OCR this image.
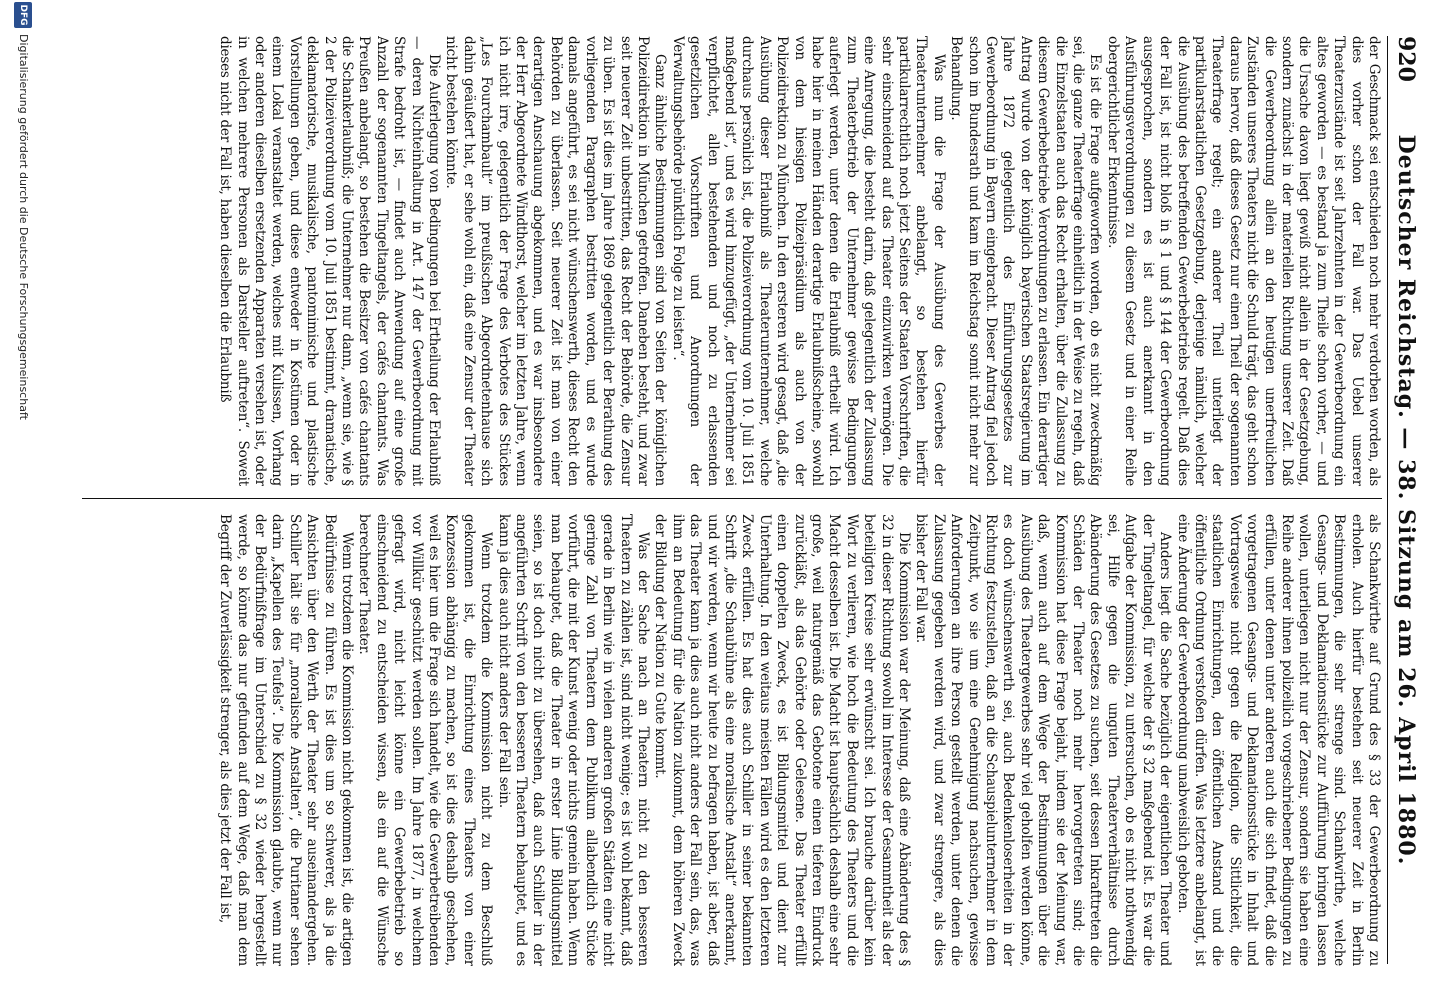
920
Deutscher Reichstag. — 38. Sitzung am 26. April 1880.

der Geschmack sei entschieden noch mehr verdorben worden, als dies vorher schon der Fall war. Das Uebel unserer Theaterzustände ist seit Jahrzehnten in der Gewerbeordnung ein altes geworden — es bestand ja zum Theile schon vorher, — und die Ursache davon liegt gewiß nicht allein in der Gesetzgebung, sondern zunächst in der materiellen Richtung unserer Zeit. Daß die Gewerbeordnung allein an den heutigen unerfreulichen Zuständen unseres Theaters nicht die Schuld trägt, das geht schon daraus hervor, daß dieses Gesetz nur einen Theil der sogenannten Theaterfrage regelt; ein anderer Theil unterliegt der partikularstaatlichen Gesetzgebung, derjenige nämlich, welcher die Ausübung des betreffenden Gewerbebetriebs regelt. Daß dies der Fall ist, ist nicht bloß in § 1 und § 144 der Gewerbeordnung ausgesprochen, sondern es ist auch anerkannt in den Ausführungsverordnungen zu diesem Gesetz und in einer Reihe obergerichtlicher Erkenntnisse.

Es ist die Frage aufgeworfen worden, ob es nicht zweckmäßig sei, die ganze Theaterfrage einheitlich in der Weise zu regeln, daß die Einzelstaaten auch das Recht erhalten, über die Zulassung zu diesem Gewerbebetriebe Verordnungen zu erlassen. Ein derartiger Antrag wurde von der königlich bayerischen Staatsregierung im Jahre 1872 gelegentlich des Einführungsgesetzes zur Gewerbeordnung in Bayern eingebracht. Dieser Antrag fiel jedoch schon im Bundesrath und kam im Reichstag somit nicht mehr zur Behandlung.

Was nun die Frage der Ausübung des Gewerbes der Theaterunternehmer anbelangt, so bestehen hierfür partikularrechtlich noch jetzt Seitens der Staaten Vorschriften, die sehr einschneidend auf das Theater einzuwirken vermögen. Die eine Anregung, die besteht darin, daß gelegentlich der Zulassung zum Theaterbetrieb der Unternehmer gewisse Bedingungen auferlegt werden, unter denen die Erlaubniß ertheilt wird. Ich habe hier in meinen Händen derartige Erlaubnißscheine, sowohl von dem hiesigen Polizeipräsidium als auch von der Polizeidirektion zu München. In den ersteren wird gesagt, daß „die Ausübung dieser Erlaubniß als Theaterunternehmer, welche durchaus persönlich ist, die Polizeiverordnung vom 10. Juli 1851 maßgebend ist“, und es wird hinzugefügt, „der Unternehmer sei verpflichtet, allen bestehenden und noch zu erlassenden gesetzlichen Vorschriften und Anordnungen der Verwaltungsbehörde pünktlich Folge zu leisten“.

Ganz ähnliche Bestimmungen sind von Seiten der königlichen Polizeidirektion in München getroffen. Daneben besteht, und zwar seit neuerer Zeit unbestritten, das Recht der Behörde, die Zensur zu üben. Es ist dies im Jahre 1869 gelegentlich der Berathung des vorliegenden Paragraphen bestritten worden, und es wurde damals angeführt, es sei nicht wünschenswerth, dieses Recht den Behörden zu überlassen. Seit neuerer Zeit ist man von einer derartigen Anschauung abgekommen, und es war insbesondere der Herr Abgeordnete Windthorst, welcher im letzten Jahre, wenn ich nicht irre, gelegentlich der Frage des Verbotes des Stückes „Les Fourchambault“ im preußischen Abgeordnetenhause sich dahin geäußert hat, er sehe wohl ein, daß eine Zensur der Theater nicht bestehen könnte.

Die Auferlegung von Bedingungen bei Ertheilung der Erlaubniß — deren Nichteinhaltung in Art. 147 der Gewerbeordnung mit Strafe bedroht ist, — findet auch Anwendung auf eine große Anzahl der sogenannten Tingeltangels, der cafés chantants. Was Preußen anbelangt, so bestehen die Besitzer von cafés chantants die Schankerlaubniß; die Unternehmer nur dann, „wenn sie, wie § 2 der Polizeiverordnung vom 10. Juli 1851 bestimmt, dramatische, deklamatorische, musikalische, pantomimische und plastische Vorstellungen geben, und diese entweder in Kostümen oder in einem Lokal veranstaltet werden, welches mit Kulissen, Vorhang oder anderen dieselben ersetzenden Apparaten versehen ist, oder in welchen mehrere Personen als Darsteller auftreten“. Soweit dieses nicht der Fall ist, haben dieselben die Erlaubniß

als Schankwirthe auf Grund des § 33 der Gewerbeordnung zu erholen. Auch hierfür bestehen seit neuerer Zeit in Berlin Bestimmungen, die sehr strenge sind. Schankwirthe, welche Gesangs- und Deklamationsstücke zur Aufführung bringen lassen wollen, unterliegen nicht nur der Zensur, sondern sie haben eine Reihe anderer ihnen polizeilich vorgeschriebener Bedingungen zu erfüllen, unter denen unter anderen auch die sich findet, daß die vorgetragenen Gesangs- und Deklamationsstücke in Inhalt und Vortragsweise nicht gegen die Religion, die Sittlichkeit, die staatlichen Einrichtungen, den öffentlichen Anstand und die öffentliche Ordnung verstoßen dürfen. Was letztere anbelangt, ist eine Änderung der Gewerbeordnung unabweislich geboten.

Anders liegt die Sache bezüglich der eigentlichen Theater und der Tingeltangel, für welche der § 32 maßgebend ist. Es war die Aufgabe der Kommission, zu untersuchen, ob es nicht nothwendig sei, Hilfe gegen die unguten Theaterverhältnisse durch Abänderung des Gesetzes zu suchen, seit dessen Inkrafttreten die Schäden der Theater noch mehr hervorgetreten sind; die Kommission hat diese Frage bejaht, indem sie der Meinung war, daß, wenn auch auf dem Wege der Bestimmungen über die Ausübung des Theatergewerbes sehr viel geholfen werden könne, es doch wünschenswerth sei, auch Bedenkenloserheiten in der Richtung festzustellen, daß an die Schauspielunternehmer in dem Zeitpunkt, wo sie um eine Genehmigung nachsuchen, gewisse Anforderungen an ihre Person gestellt werden, unter denen die Zulassung gegeben werden wird, und zwar strengere, als dies bisher der Fall war.

Die Kommission war der Meinung, daß eine Abänderung des § 32 in dieser Richtung sowohl im Interesse der Gesammtheit als der beteiligten Kreise sehr erwünscht sei. Ich brauche darüber kein Wort zu verlieren, wie hoch die Bedeutung des Theaters und die Macht desselben ist. Die Macht ist hauptsächlich deshalb eine sehr große, weil naturgemäß das Gebotene einen tieferen Eindruck zurückläßt, als das Gehörte oder Gelesene. Das Theater erfüllt einen doppelten Zweck, es ist Bildungsmittel und dient zur Unterhaltung. In den weitaus meisten Fällen wird es den letzteren Zweck erfüllen. Es hat dies auch Schiller in seiner bekannten Schrift „die Schaubühne als eine moralische Anstalt“ anerkannt, und wir werden, wenn wir heute zu befragen haben, ist aber, daß das Theater kann ja dies auch nicht anders der Fall sein, das, was ihm an Bedeutung für die Nation zukommt, dem höheren Zweck der Bildung der Nation zu Gute kommt.

Was der Sache nach an Theatern nicht zu den besseren Theatern zu zählen ist, sind nicht wenige; es ist wohl bekannt, daß gerade in Berlin wie in vielen anderen großen Städten eine nicht geringe Zahl von Theatern dem Publikum allabendlich Stücke vorführt, die mit der Kunst wenig oder nichts gemein haben. Wenn man behauptet, daß die Theater in erster Linie Bildungsmittel seien, so ist doch nicht zu übersehen, daß auch Schiller in der angeführten Schrift von den besseren Theatern behauptet, und es kann ja dies auch nicht anders der Fall sein.

Wenn trotzdem die Kommission nicht zu dem Beschluß gekommen ist, die Einrichtung eines Theaters von einer Konzession abhängig zu machen, so ist dies deshalb geschehen, weil es hier um die Frage sich handelt, wie die Gewerbetreibenden vor Willkür geschützt werden sollen. Im Jahre 1877, in welchem gefragt wird, nicht leicht könne ein Gewerbebetrieb so einschneidend zu entscheiden wissen, als ein auf die Wünsche berechneter Theater.

Wenn trotzdem die Kommission nicht gekommen ist, die artigen Bedürfnisse zu führen. Es ist dies um so schwerer, als ja die Ansichten über den Werth der Theater sehr auseinandergehen. Schiller hält sie für „moralische Anstalten“, die Puritaner sehen darin „Kapellen des Teufels“. Die Kommission glaubte, wenn nur der Bedürfnißfrage im Unterschied zu § 32 wieder hergestellt werde, so könne das nur gefunden auf dem Wege, daß man dem Begriff der Zuverlässigkeit strenger, als dies jetzt der Fall ist,

DFG
Digitalisierung gefördert durch die Deutsche Forschungsgemeinschaft
